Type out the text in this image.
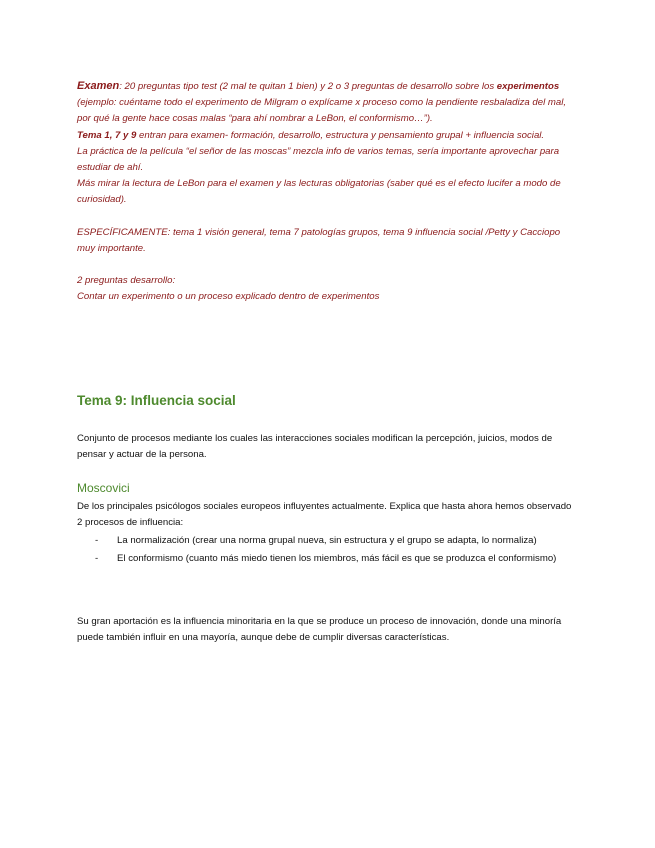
Examen: 20 preguntas tipo test (2 mal te quitan 1 bien) y 2 o 3 preguntas de desarrollo sobre los experimentos (ejemplo: cuéntame todo el experimento de Milgram o explícame x proceso como la pendiente resbaladiza del mal, por qué la gente hace cosas malas “para ahí nombrar a LeBon, el conformismo…”).

Tema 1, 7 y 9 entran para examen- formación, desarrollo, estructura y pensamiento grupal + influencia social.

La práctica de la película “el señor de las moscas” mezcla info de varios temas, sería importante aprovechar para estudiar de ahí.

Más mirar la lectura de LeBon para el examen y las lecturas obligatorias (saber qué es el efecto lucifer a modo de curiosidad).

ESPECÍFICAMENTE: tema 1 visión general, tema 7 patologías grupos, tema 9 influencia social /Petty y Cacciopo muy importante.

2 preguntas desarrollo:

Contar un experimento o un proceso explicado dentro de experimentos

Tema 9: Influencia social

Conjunto de procesos mediante los cuales las interacciones sociales modifican la percepción, juicios, modos de pensar y actuar de la persona.

Moscovici

De los principales psicólogos sociales europeos influyentes actualmente. Explica que hasta ahora hemos observado 2 procesos de influencia:

- La normalización (crear una norma grupal nueva, sin estructura y el grupo se adapta, lo normaliza)
- El conformismo (cuanto más miedo tienen los miembros, más fácil es que se produzca el conformismo)

Su gran aportación es la influencia minoritaria en la que se produce un proceso de innovación, donde una minoría puede también influir en una mayoría, aunque debe de cumplir diversas características.
